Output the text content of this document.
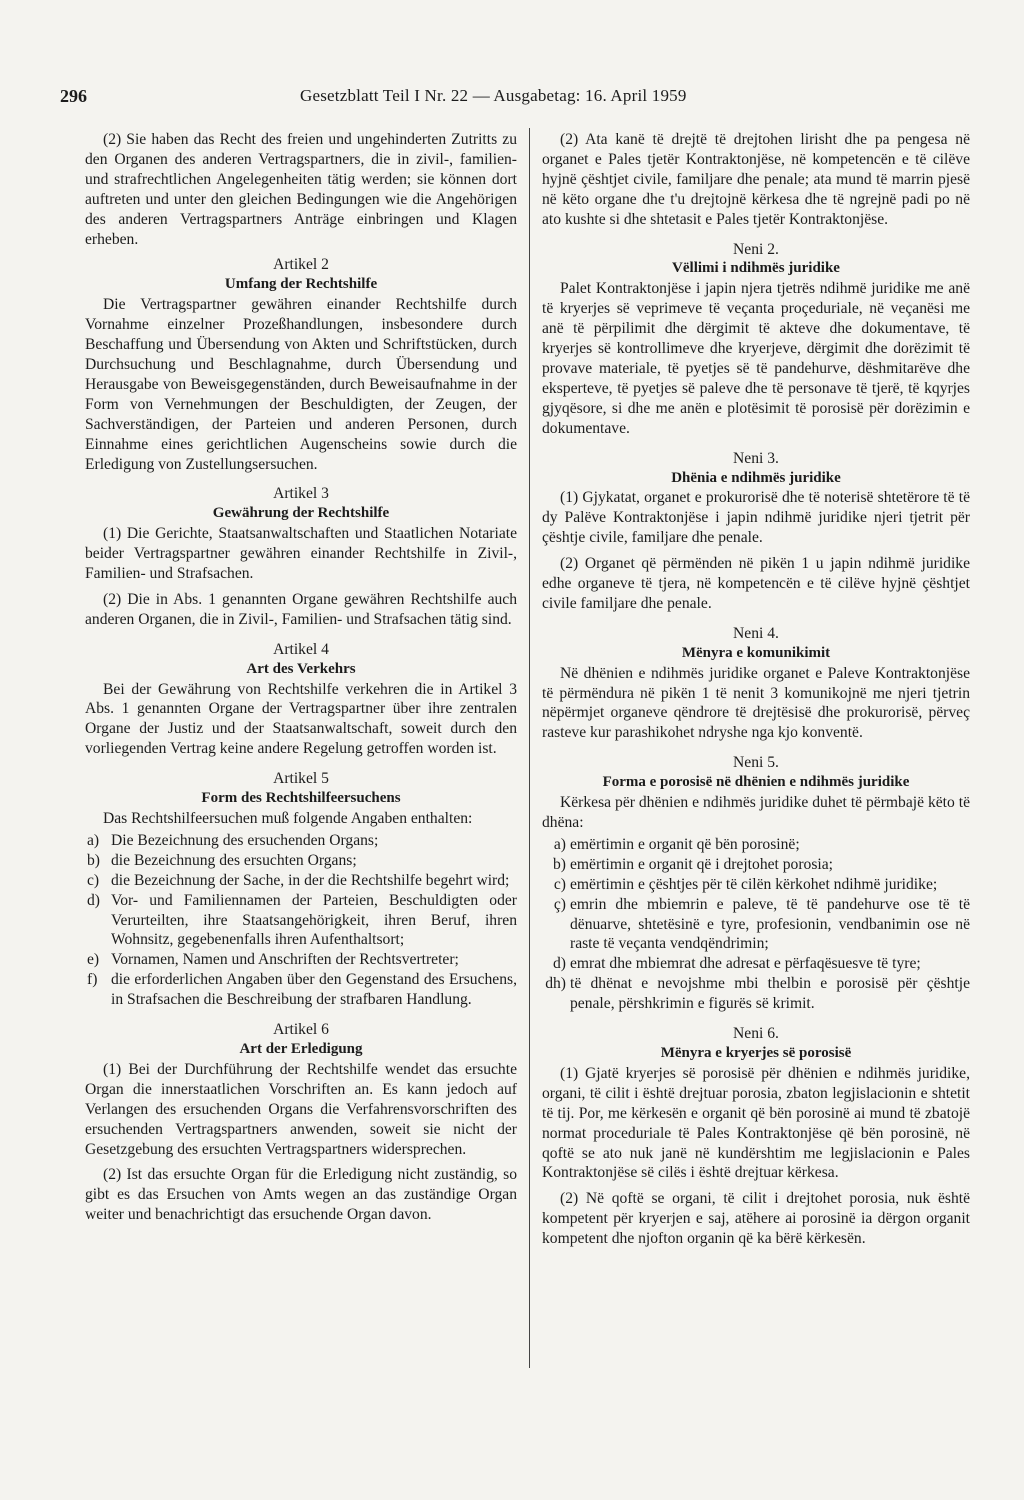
296	Gesetzblatt Teil I Nr. 22 — Ausgabetag: 16. April 1959

(2) Sie haben das Recht des freien und ungehinderten Zutritts zu den Organen des anderen Vertragspartners, die in zivil-, familien- und strafrechtlichen Angelegenheiten tätig werden; sie können dort auftreten und unter den gleichen Bedingungen wie die Angehörigen des anderen Vertragspartners Anträge einbringen und Klagen erheben.

Artikel 2

Umfang der Rechtshilfe

Die Vertragspartner gewähren einander Rechtshilfe durch Vornahme einzelner Prozeßhandlungen, insbesondere durch Beschaffung und Übersendung von Akten und Schriftstücken, durch Durchsuchung und Beschlagnahme, durch Übersendung und Herausgabe von Beweisgegenständen, durch Beweisaufnahme in der Form von Vernehmungen der Beschuldigten, der Zeugen, der Sachverständigen, der Parteien und anderen Personen, durch Einnahme eines gerichtlichen Augenscheins sowie durch die Erledigung von Zustellungsersuchen.

Artikel 3

Gewährung der Rechtshilfe

(1) Die Gerichte, Staatsanwaltschaften und Staatlichen Notariate beider Vertragspartner gewähren einander Rechtshilfe in Zivil-, Familien- und Strafsachen.

(2) Die in Abs. 1 genannten Organe gewähren Rechtshilfe auch anderen Organen, die in Zivil-, Familien- und Strafsachen tätig sind.

Artikel 4

Art des Verkehrs

Bei der Gewährung von Rechtshilfe verkehren die in Artikel 3 Abs. 1 genannten Organe der Vertragspartner über ihre zentralen Organe der Justiz und der Staatsanwaltschaft, soweit durch den vorliegenden Vertrag keine andere Regelung getroffen worden ist.

Artikel 5

Form des Rechtshilfeersuchens

Das Rechtshilfeersuchen muß folgende Angaben enthalten:

a) Die Bezeichnung des ersuchenden Organs;
b) die Bezeichnung des ersuchten Organs;
c) die Bezeichnung der Sache, in der die Rechtshilfe begehrt wird;
d) Vor- und Familiennamen der Parteien, Beschuldigten oder Verurteilten, ihre Staatsangehörigkeit, ihren Beruf, ihren Wohnsitz, gegebenenfalls ihren Aufenthaltsort;
e) Vornamen, Namen und Anschriften der Rechtsvertreter;
f) die erforderlichen Angaben über den Gegenstand des Ersuchens, in Strafsachen die Beschreibung der strafbaren Handlung.

Artikel 6

Art der Erledigung

(1) Bei der Durchführung der Rechtshilfe wendet das ersuchte Organ die innerstaatlichen Vorschriften an. Es kann jedoch auf Verlangen des ersuchenden Organs die Verfahrensvorschriften des ersuchenden Vertragspartners anwenden, soweit sie nicht der Gesetzgebung des ersuchten Vertragspartners widersprechen.

(2) Ist das ersuchte Organ für die Erledigung nicht zuständig, so gibt es das Ersuchen von Amts wegen an das zuständige Organ weiter und benachrichtigt das ersuchende Organ davon.

(2) Ata kanë të drejtë të drejtohen lirisht dhe pa pengesa në organet e Pales tjetër Kontraktonjëse, në kompetencën e të cilëve hyjnë çështjet civile, familjare dhe penale; ata mund të marrin pjesë në këto organe dhe t'u drejtojnë kërkesa dhe të ngrejnë padi po në ato kushte si dhe shtetasit e Pales tjetër Kontraktonjëse.

Neni 2.

Vëllimi i ndihmës juridike

Palet Kontraktonjëse i japin njera tjetrës ndihmë juridike me anë të kryerjes së veprimeve të veçanta proçeduriale, në veçanësi me anë të përpilimit dhe dërgimit të akteve dhe dokumentave, të kryerjes së kontrollimeve dhe kryerjeve, dërgimit dhe dorëzimit të provave materiale, të pyetjes së të pandehurve, dëshmitarëve dhe eksperteve, të pyetjes së paleve dhe të personave të tjerë, të kqyrjes gjyqësore, si dhe me anën e plotësimit të porosisë për dorëzimin e dokumentave.

Neni 3.

Dhënia e ndihmës juridike

(1) Gjykatat, organet e prokurorisë dhe të noterisë shtetërore të të dy Palëve Kontraktonjëse i japin ndihmë juridike njeri tjetrit për çështje civile, familjare dhe penale.

(2) Organet që përmënden në pikën 1 u japin ndihmë juridike edhe organeve të tjera, në kompetencën e të cilëve hyjnë çështjet civile familjare dhe penale.

Neni 4.

Mënyra e komunikimit

Në dhënien e ndihmës juridike organet e Paleve Kontraktonjëse të përmëndura në pikën 1 të nenit 3 komunikojnë me njeri tjetrin nëpërmjet organeve qëndrore të drejtësisë dhe prokurorisë, përveç rasteve kur parashikohet ndryshe nga kjo konventë.

Neni 5.

Forma e porosisë në dhënien e ndihmës juridike

Kërkesa për dhënien e ndihmës juridike duhet të përmbajë këto të dhëna:

a) emërtimin e organit që bën porosinë;
b) emërtimin e organit që i drejtohet porosia;
c) emërtimin e çështjes për të cilën kërkohet ndihmë juridike;
ç) emrin dhe mbiemrin e paleve, të të pandehurve ose të të dënuarve, shtetësinë e tyre, profesionin, vendbanimin ose në raste të veçanta vendqëndrimin;
d) emrat dhe mbiemrat dhe adresat e përfaqësuesve të tyre;
dh) të dhënat e nevojshme mbi thelbin e porosisë për çështje penale, përshkrimin e figurës së krimit.

Neni 6.

Mënyra e kryerjes së porosisë

(1) Gjatë kryerjes së porosisë për dhënien e ndihmës juridike, organi, të cilit i është drejtuar porosia, zbaton legjislacionin e shtetit të tij. Por, me kërkesën e organit që bën porosinë ai mund të zbatojë normat proceduriale të Pales Kontraktonjëse që bën porosinë, në qoftë se ato nuk janë në kundërshtim me legjislacionin e Pales Kontraktonjëse së cilës i është drejtuar kërkesa.

(2) Në qoftë se organi, të cilit i drejtohet porosia, nuk është kompetent për kryerjen e saj, atëhere ai porosinë ia dërgon organit kompetent dhe njofton organin që ka bërë kërkesën.
